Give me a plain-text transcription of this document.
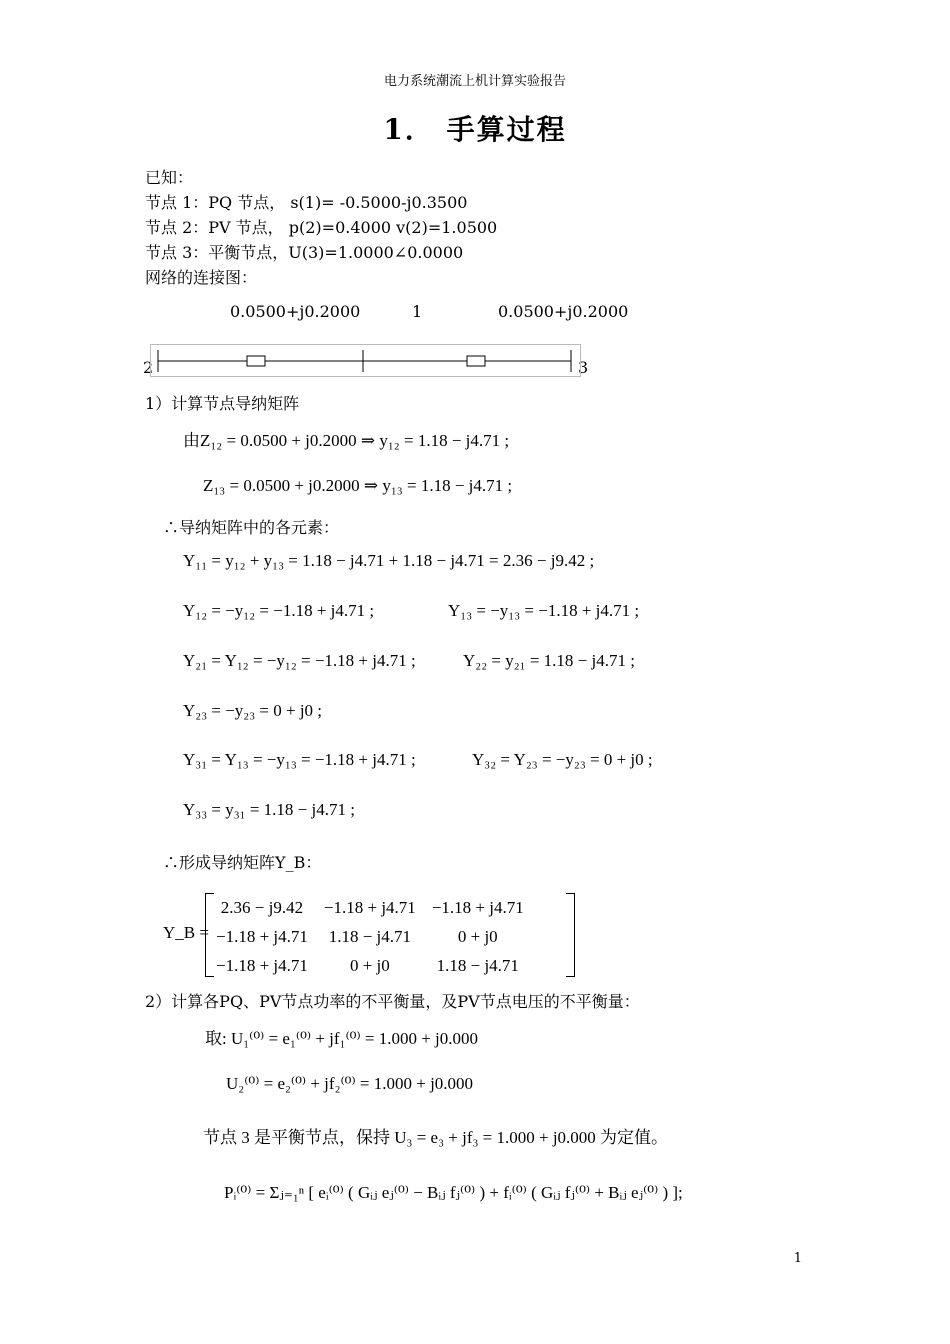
电力系统潮流上机计算实验报告
1． 手算过程
已知：
节点 1：PQ 节点， s(1)= -0.5000-j0.3500
节点 2：PV 节点， p(2)=0.4000 v(2)=1.0500
节点 3：平衡节点，U(3)=1.0000∠0.0000
网络的连接图：
0.0500+j0.2000	1	0.0500+j0.2000
2	3
1）计算节点导纳矩阵
由Z₁₂ = 0.0500 + j0.2000 ⇒ y₁₂ = 1.18 − j4.71 ;
Z₁₃ = 0.0500 + j0.2000 ⇒ y₁₃ = 1.18 − j4.71 ;
∴导纳矩阵中的各元素：
Y₁₁ = y₁₂ + y₁₃ = 1.18 − j4.71 + 1.18 − j4.71 = 2.36 − j9.42 ;
Y₁₂ = −y₁₂ = −1.18 + j4.71 ;	Y₁₃ = −y₁₃ = −1.18 + j4.71 ;
Y₂₁ = Y₁₂ = −y₁₂ = −1.18 + j4.71 ;	Y₂₂ = y₂₁ = 1.18 − j4.71 ;
Y₂₃ = −y₂₃ = 0 + j0 ;
Y₃₁ = Y₁₃ = −y₁₃ = −1.18 + j4.71 ;	Y₃₂ = Y₂₃ = −y₂₃ = 0 + j0 ;
Y₃₃ = y₃₁ = 1.18 − j4.71 ;
∴形成导纳矩阵Y_B：
Y_B =
2.36 − j9.42	−1.18 + j4.71	−1.18 + j4.71
−1.18 + j4.71	1.18 − j4.71	0 + j0
−1.18 + j4.71	0 + j0	1.18 − j4.71
2）计算各PQ、PV节点功率的不平衡量，及PV节点电压的不平衡量：
取: U₁⁽⁰⁾ = e₁⁽⁰⁾ + jf₁⁽⁰⁾ = 1.000 + j0.000
U₂⁽⁰⁾ = e₂⁽⁰⁾ + jf₂⁽⁰⁾ = 1.000 + j0.000
节点 3 是平衡节点，保持 U₃ = e₃ + jf₃ = 1.000 + j0.000 为定值。
Pᵢ⁽⁰⁾ = Σⱼ₌₁ⁿ [ eᵢ⁽⁰⁾ ( Gᵢⱼ eⱼ⁽⁰⁾ − Bᵢⱼ fⱼ⁽⁰⁾ ) + fᵢ⁽⁰⁾ ( Gᵢⱼ fⱼ⁽⁰⁾ + Bᵢⱼ eⱼ⁽⁰⁾ ) ];
1
